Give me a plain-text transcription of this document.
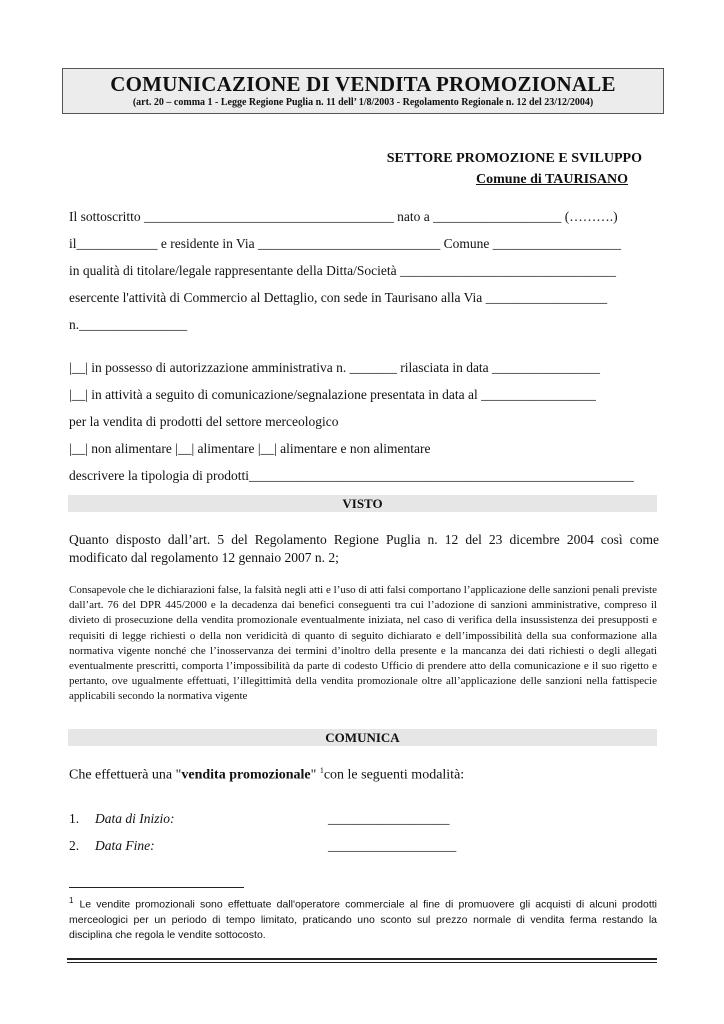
COMUNICAZIONE DI VENDITA PROMOZIONALE
(art. 20 – comma 1 - Legge Regione Puglia n. 11 dell’ 1/8/2003 - Regolamento Regionale n. 12 del 23/12/2004)
SETTORE PROMOZIONE E SVILUPPO
Comune di TAURISANO
Il sottoscritto _____________________________________ nato a ___________________ (……….)
il____________ e residente in Via ___________________________ Comune ___________________
in qualità di titolare/legale rappresentante della Ditta/Società ________________________________
esercente l'attività di Commercio al Dettaglio, con sede in Taurisano alla Via __________________
n.________________
|__| in possesso di autorizzazione amministrativa n. _______ rilasciata in data ________________
|__| in attività a seguito di comunicazione/segnalazione presentata in data al _________________
per la vendita di prodotti del settore merceologico
|__| non alimentare |__| alimentare |__| alimentare e non alimentare
descrivere la tipologia di prodotti_________________________________________________________
VISTO
Quanto disposto dall’art. 5 del Regolamento Regione Puglia n. 12 del 23 dicembre 2004 così come modificato dal regolamento 12 gennaio 2007 n. 2;
Consapevole che le dichiarazioni false, la falsità negli atti e l’uso di atti falsi comportano l’applicazione delle sanzioni penali previste dall’art. 76 del DPR 445/2000 e la decadenza dai benefici conseguenti tra cui l’adozione di sanzioni amministrative, compreso il divieto di prosecuzione della vendita promozionale eventualmente iniziata, nel caso di verifica della insussistenza dei presupposti e requisiti di legge richiesti o della non veridicità di quanto di seguito dichiarato e dell’impossibilità della sua conformazione alla normativa vigente nonché che l’inosservanza dei termini d’inoltro della presente e la mancanza dei dati richiesti o degli allegati eventualmente prescritti, comporta l’impossibilità da parte di codesto Ufficio di prendere atto della comunicazione e il suo rigetto e pertanto, ove ugualmente effettuati, l’illegittimità della vendita promozionale oltre all’applicazione delle sanzioni nella fattispecie applicabili secondo la normativa vigente
COMUNICA
Che effettuerà una "vendita promozionale" $^1$con le seguenti modalità:
1. Data di Inizio:	__________________
2. Data Fine:	___________________
$^1$ Le vendite promozionali sono effettuate dall'operatore commerciale al fine di promuovere gli acquisti di alcuni prodotti merceologici per un periodo di tempo limitato, praticando uno sconto sul prezzo normale di vendita ferma restando la disciplina che regola le vendite sottocosto.
